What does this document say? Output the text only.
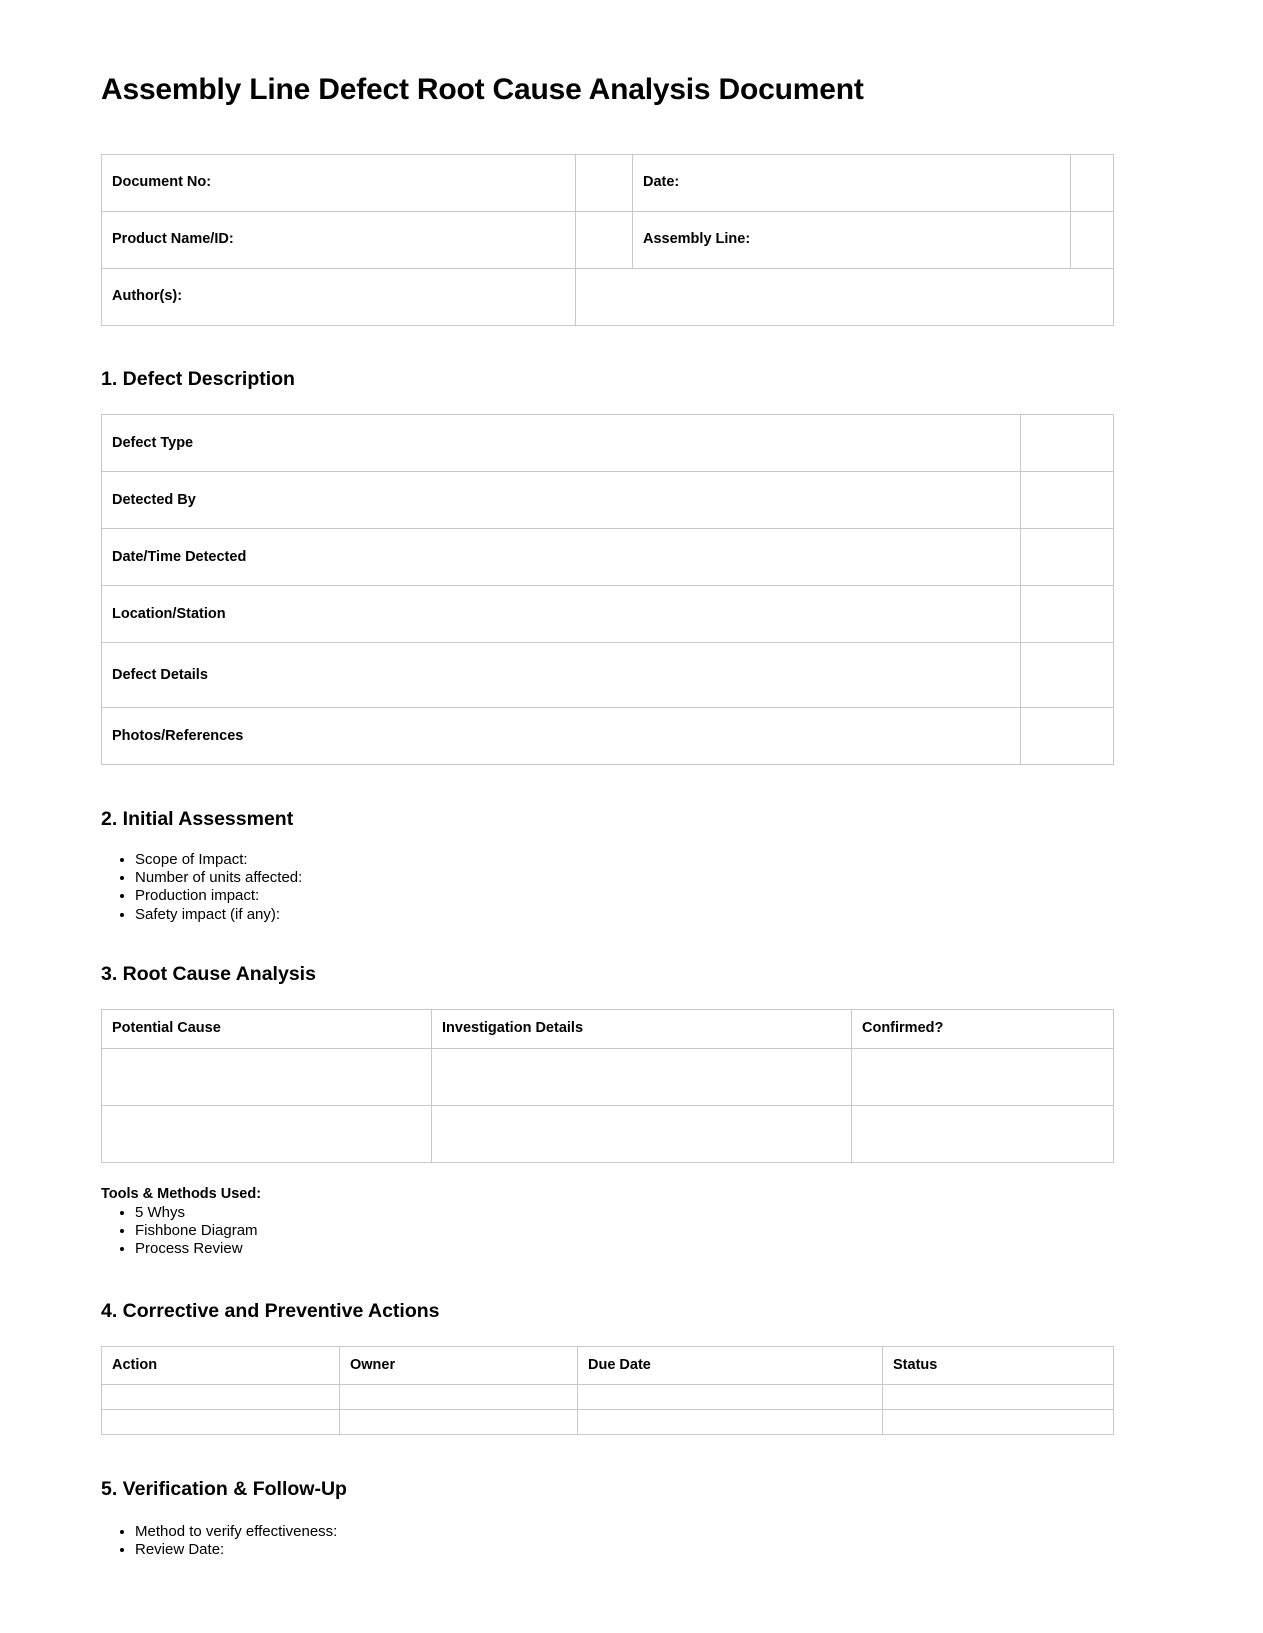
Assembly Line Defect Root Cause Analysis Document
Document No:		Date:	
Product Name/ID:		Assembly Line:	
Author(s):			
1. Defect Description
Defect Type	
Detected By	
Date/Time Detected	
Location/Station	
Defect Details	
Photos/References	
2. Initial Assessment
• Scope of Impact:
• Number of units affected:
• Production impact:
• Safety impact (if any):
3. Root Cause Analysis
Potential Cause	Investigation Details	Confirmed?

Tools & Methods Used:

• 5 Whys
• Fishbone Diagram
• Process Review
4. Corrective and Preventive Actions
Action	Owner	Due Date	Status

5. Verification & Follow-Up
• Method to verify effectiveness:
• Review Date:
